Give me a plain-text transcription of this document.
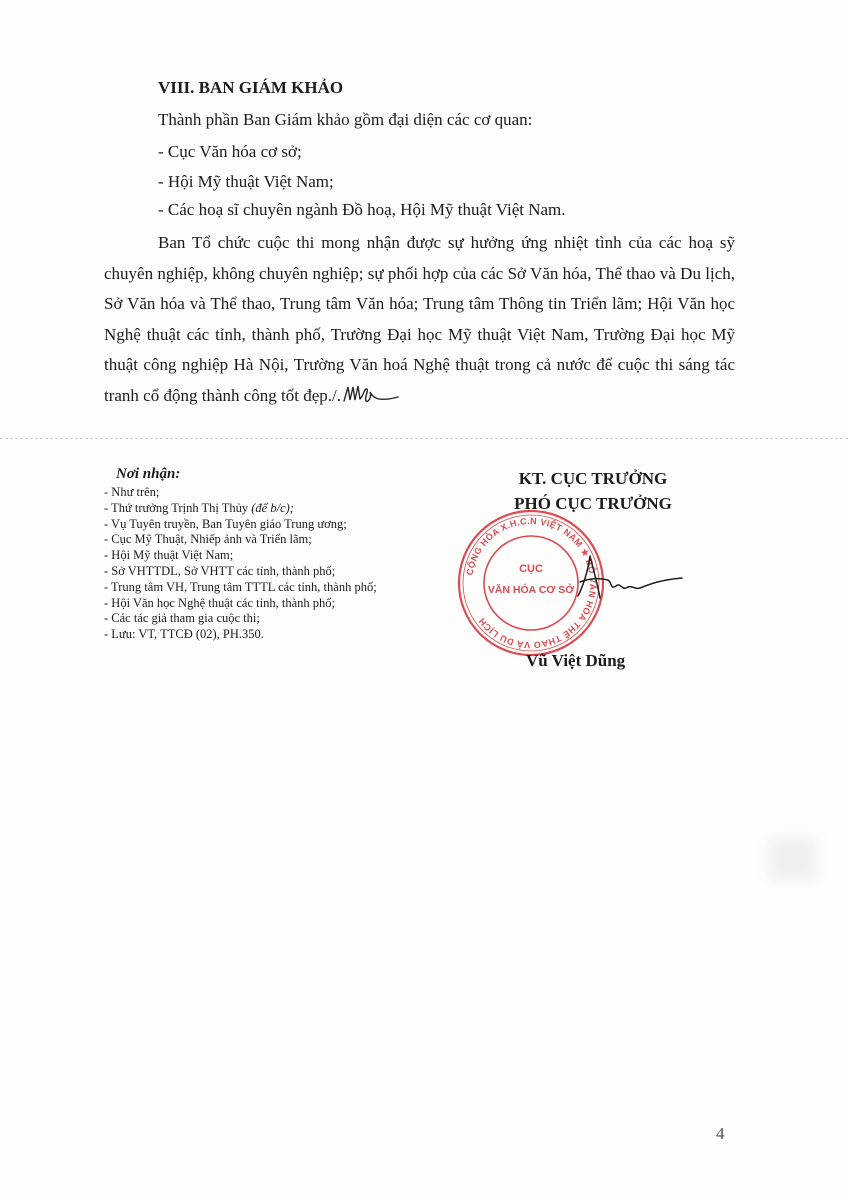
VIII. BAN GIÁM KHẢO
Thành phần Ban Giám khảo gồm đại diện các cơ quan:
- Cục Văn hóa cơ sở;
- Hội Mỹ thuật Việt Nam;
- Các hoạ sĩ chuyên ngành Đồ hoạ, Hội Mỹ thuật Việt Nam.
Ban Tổ chức cuộc thi mong nhận được sự hưởng ứng nhiệt tình của các hoạ sỹ chuyên nghiệp, không chuyên nghiệp; sự phối hợp của các Sở Văn hóa, Thể thao và Du lịch, Sở Văn hóa và Thể thao, Trung tâm Văn hóa; Trung tâm Thông tin Triển lãm; Hội Văn học Nghệ thuật các tỉnh, thành phố, Trường Đại học Mỹ thuật Việt Nam, Trường Đại học Mỹ thuật công nghiệp Hà Nội, Trường Văn hoá Nghệ thuật trong cả nước để cuộc thi sáng tác tranh cổ động thành công tốt đẹp./.
Nơi nhận:
- Như trên;
- Thứ trưởng Trịnh Thị Thủy (để b/c);
- Vụ Tuyên truyền, Ban Tuyên giáo Trung ương;
- Cục Mỹ Thuật, Nhiếp ảnh và Triển lãm;
- Hội Mỹ thuật Việt Nam;
- Sở VHTTDL, Sở VHTT các tỉnh, thành phố;
- Trung tâm VH, Trung tâm TTTL các tỉnh, thành phố;
- Hội Văn học Nghệ thuật các tỉnh, thành phố;
- Các tác giả tham gia cuộc thi;
- Lưu: VT, TTCĐ (02), PH.350.
KT. CỤC TRƯỞNG
PHÓ CỤC TRƯỞNG
CỘNG HÒA X.H.C.N VIỆT NAM ★ BỘ VĂN HÓA THỂ THAO VÀ DU LỊCH
CỤC
VĂN HÓA CƠ SỞ
Vũ Việt Dũng
4
